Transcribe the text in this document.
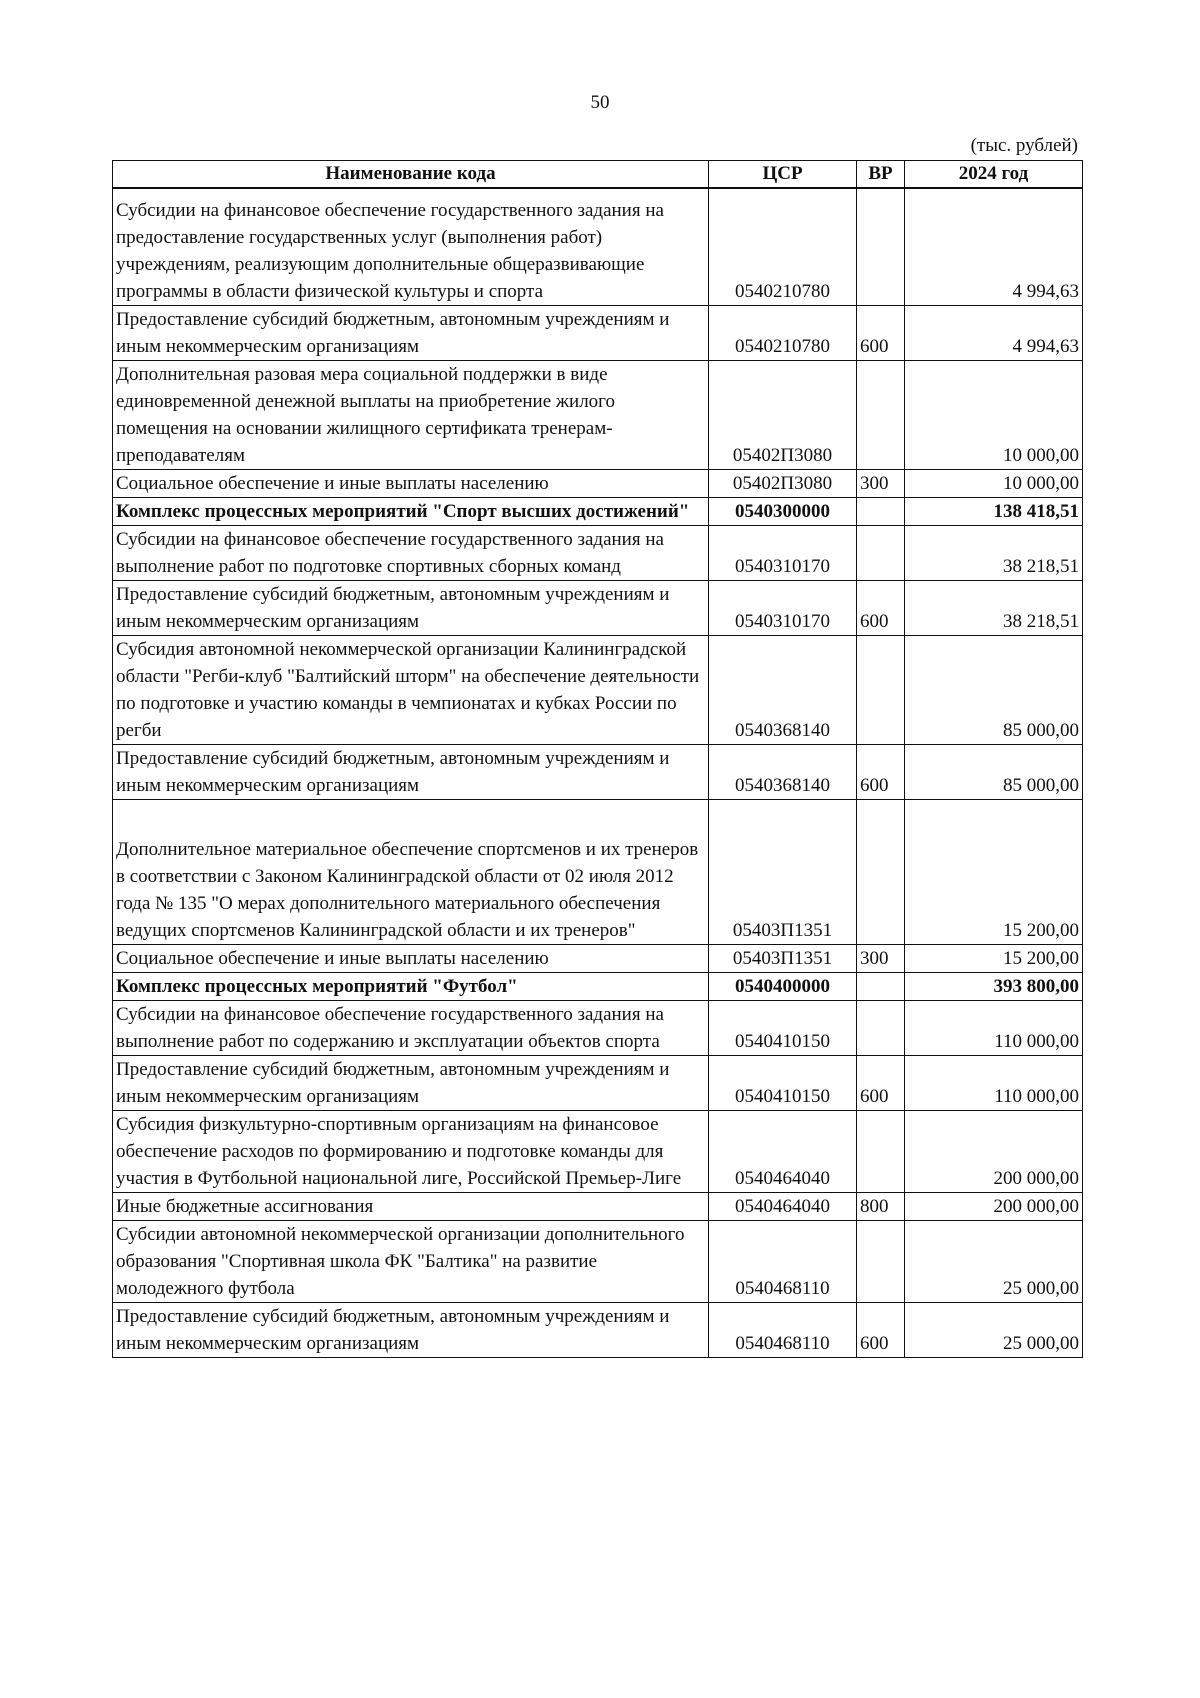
50
(тыс. рублей)
Наименование кода	ЦСР	ВР	2024 год
Субсидии на финансовое обеспечение государственного задания на предоставление государственных услуг (выполнения работ) учреждениям, реализующим дополнительные общеразвивающие программы в области физической культуры и спорта	0540210780		4 994,63
Предоставление субсидий бюджетным, автономным учреждениям и иным некоммерческим организациям	0540210780	600	4 994,63
Дополнительная разовая мера социальной поддержки в виде единовременной денежной выплаты на приобретение жилого помещения на основании жилищного сертификата тренерам-преподавателям	05402П3080		10 000,00
Социальное обеспечение и иные выплаты населению	05402П3080	300	10 000,00
Комплекс процессных мероприятий "Спорт высших достижений"	0540300000		138 418,51
Субсидии на финансовое обеспечение государственного задания на выполнение работ по подготовке спортивных сборных команд	0540310170		38 218,51
Предоставление субсидий бюджетным, автономным учреждениям и иным некоммерческим организациям	0540310170	600	38 218,51
Субсидия автономной некоммерческой организации Калининградской области "Регби-клуб "Балтийский шторм" на обеспечение деятельности по подготовке и участию команды в чемпионатах и кубках России по регби	0540368140		85 000,00
Предоставление субсидий бюджетным, автономным учреждениям и иным некоммерческим организациям	0540368140	600	85 000,00
Дополнительное материальное обеспечение спортсменов и их тренеров в соответствии с Законом Калининградской области от 02 июля 2012 года № 135 "О мерах дополнительного материального обеспечения ведущих спортсменов Калининградской области и их тренеров"	05403П1351		15 200,00
Социальное обеспечение и иные выплаты населению	05403П1351	300	15 200,00
Комплекс процессных мероприятий "Футбол"	0540400000		393 800,00
Субсидии на финансовое обеспечение государственного задания на выполнение работ по содержанию и эксплуатации объектов спорта	0540410150		110 000,00
Предоставление субсидий бюджетным, автономным учреждениям и иным некоммерческим организациям	0540410150	600	110 000,00
Субсидия физкультурно-спортивным организациям на финансовое обеспечение расходов по формированию и подготовке команды для участия в Футбольной национальной лиге, Российской Премьер-Лиге	0540464040		200 000,00
Иные бюджетные ассигнования	0540464040	800	200 000,00
Субсидии автономной некоммерческой организации дополнительного образования "Спортивная школа ФК "Балтика" на развитие молодежного футбола	0540468110		25 000,00
Предоставление субсидий бюджетным, автономным учреждениям и иным некоммерческим организациям	0540468110	600	25 000,00
